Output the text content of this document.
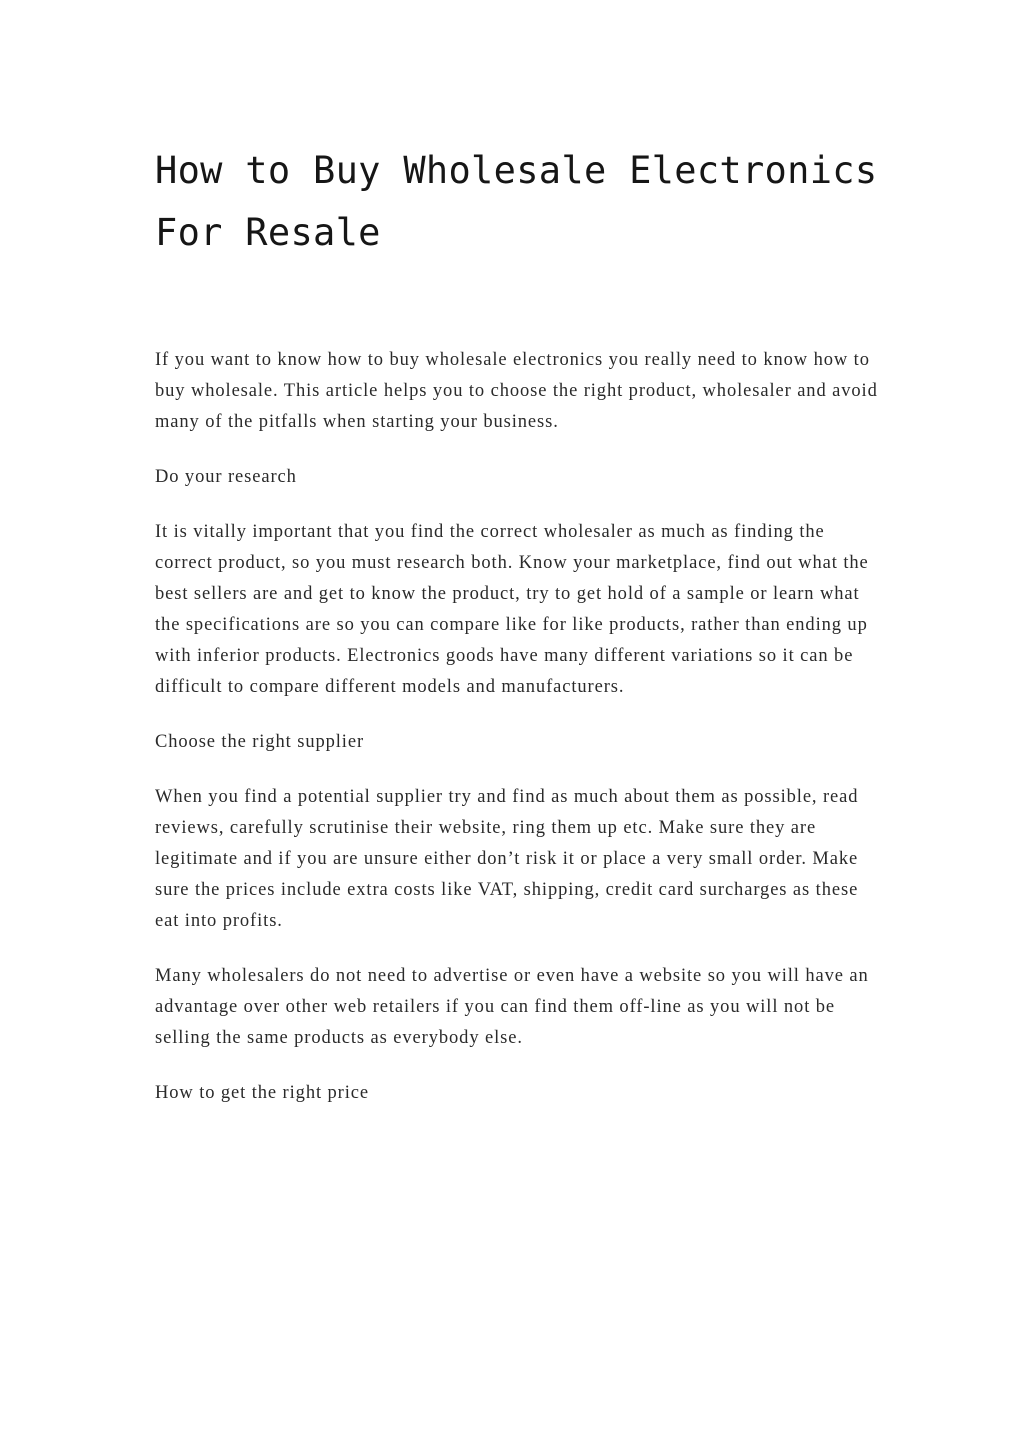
How to Buy Wholesale Electronics For Resale

If you want to know how to buy wholesale electronics you really need to know how to buy wholesale. This article helps you to choose the right product, wholesaler and avoid many of the pitfalls when starting your business.

Do your research

It is vitally important that you find the correct wholesaler as much as finding the correct product, so you must research both. Know your marketplace, find out what the best sellers are and get to know the product, try to get hold of a sample or learn what the specifications are so you can compare like for like products, rather than ending up with inferior products. Electronics goods have many different variations so it can be difficult to compare different models and manufacturers.

Choose the right supplier

When you find a potential supplier try and find as much about them as possible, read reviews, carefully scrutinise their website, ring them up etc. Make sure they are legitimate and if you are unsure either don’t risk it or place a very small order. Make sure the prices include extra costs like VAT, shipping, credit card surcharges as these eat into profits.

Many wholesalers do not need to advertise or even have a website so you will have an advantage over other web retailers if you can find them off-line as you will not be selling the same products as everybody else.

How to get the right price
